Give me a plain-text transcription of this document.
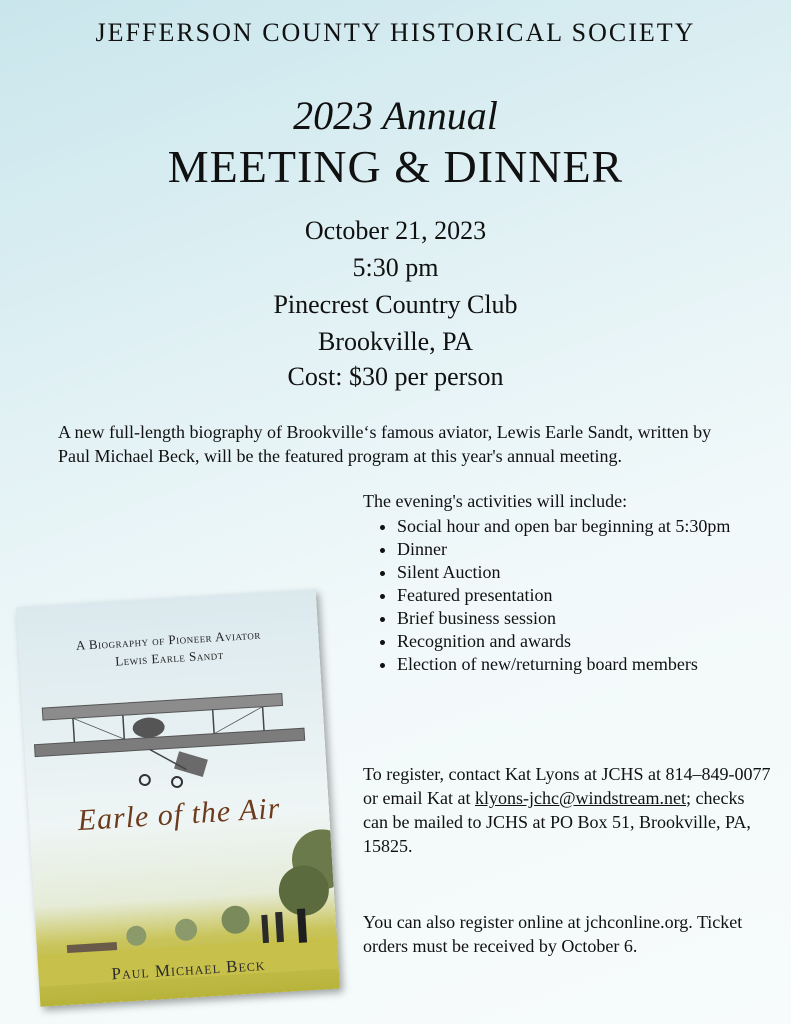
JEFFERSON COUNTY HISTORICAL SOCIETY
2023 Annual
MEETING & DINNER
October 21, 2023
5:30 pm
Pinecrest Country Club
Brookville, PA
Cost: $30 per person
A new full-length biography of Brookville‘s famous aviator, Lewis Earle Sandt, written by Paul Michael Beck, will be the featured program at this year's annual meeting.
The evening's activities will include:
• Social hour and open bar beginning at 5:30pm
• Dinner
• Silent Auction
• Featured presentation
• Brief business session
• Recognition and awards
• Election of new/returning board members
To register, contact Kat Lyons at JCHS at 814–849-0077 or email Kat at klyons-jchc@windstream.net; checks can be mailed to JCHS at PO Box 51, Brookville, PA, 15825.
You can also register online at jchconline.org. Ticket orders must be received by October 6.
A Biography of Pioneer Aviator
Lewis Earle Sandt
Earle of the Air
Paul Michael Beck
